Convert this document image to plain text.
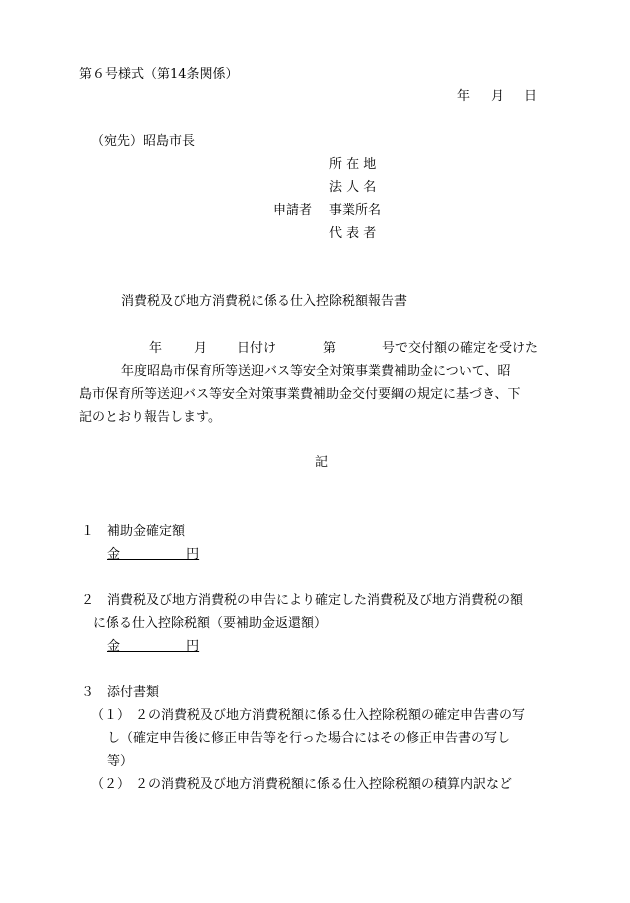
第６号様式（第14条関係）
年 月 日
（宛先）昭島市長
所 在 地
法 人 名
申請者 事業所名
代 表 者
消費税及び地方消費税に係る仕入控除税額報告書
年 月 日付け	第	号で交付額の確定を受けた
年度昭島市保育所等送迎バス等安全対策事業費補助金について、昭
島市保育所等送迎バス等安全対策事業費補助金交付要綱の規定に基づき、下
記のとおり報告します。
記
１ 補助金確定額
金                円
２ 消費税及び地方消費税の申告により確定した消費税及び地方消費税の額
に係る仕入控除税額（要補助金返還額）
金                円
３ 添付書類
（１） ２の消費税及び地方消費税額に係る仕入控除税額の確定申告書の写
し（確定申告後に修正申告等を行った場合にはその修正申告書の写し
等）
（２） ２の消費税及び地方消費税額に係る仕入控除税額の積算内訳など
